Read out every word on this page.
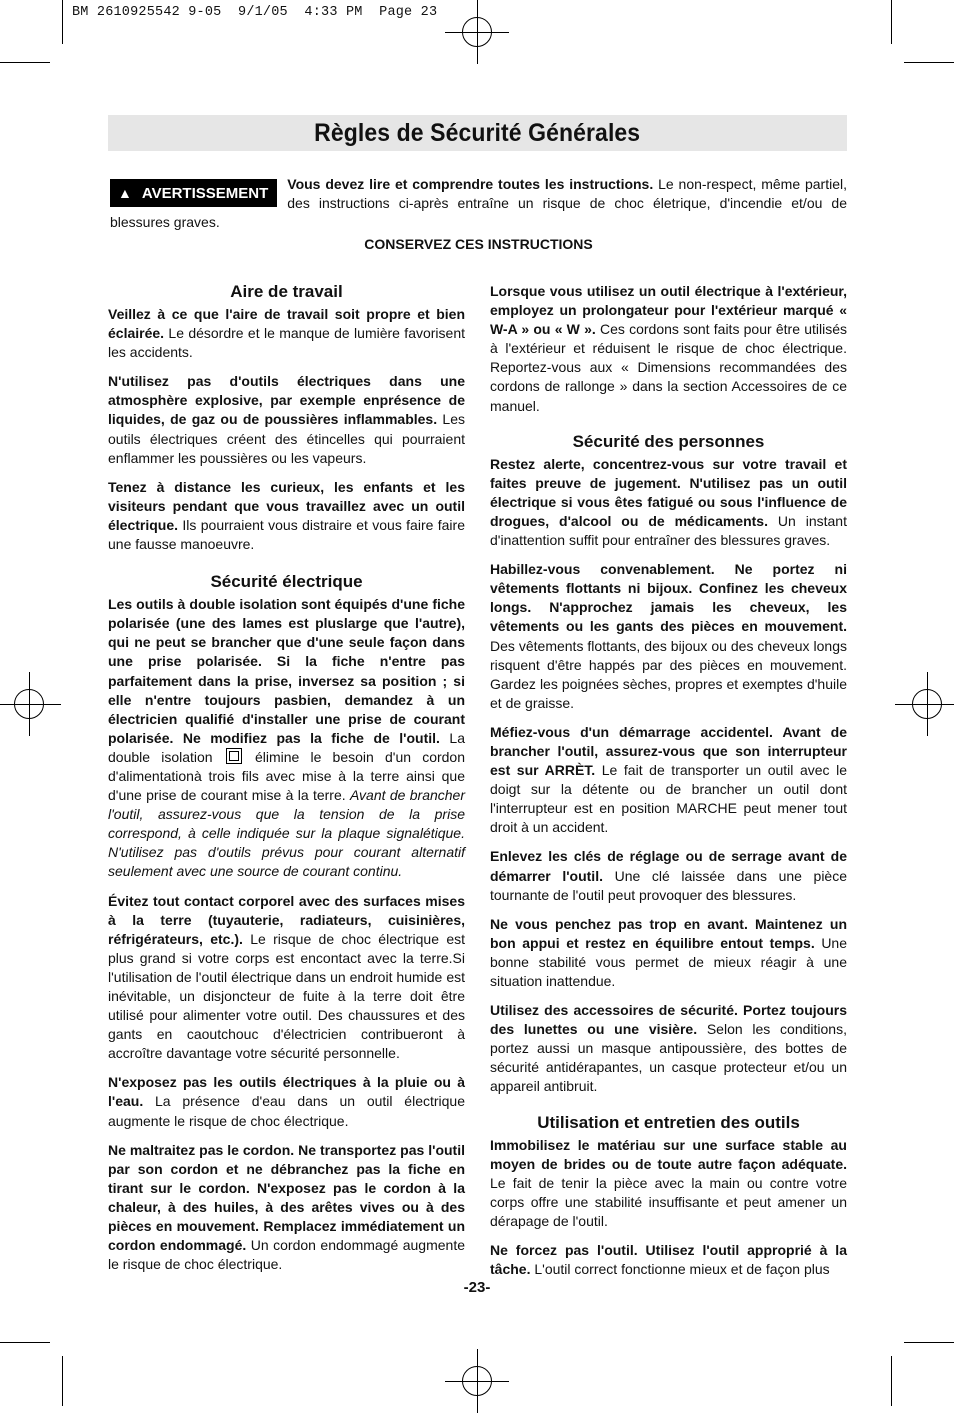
BM 2610925542 9-05  9/1/05  4:33 PM  Page 23
Règles de Sécurité Générales
▲ AVERTISSEMENT
Vous devez lire et comprendre toutes les instructions. Le non-respect, même partiel, des instructions ci-après entraîne un risque de choc életrique, d'incendie et/ou de blessures graves.
CONSERVEZ CES INSTRUCTIONS
Aire de travail

Veillez à ce que l'aire de travail soit propre et bien éclairée. Le désordre et le manque de lumière favorisent les accidents.

N'utilisez pas d'outils électriques dans une atmosphère explosive, par exemple enprésence de liquides, de gaz ou de poussières inflammables. Les outils électriques créent des étincelles qui pourraient enflammer les poussières ou les vapeurs.

Tenez à distance les curieux, les enfants et les visiteurs pendant que vous travaillez avec un outil électrique. Ils pourraient vous distraire et vous faire faire une fausse manoeuvre.

Sécurité électrique

Les outils à double isolation sont équipés d'une fiche polarisée (une des lames est pluslarge que l'autre), qui ne peut se brancher que d'une seule façon dans une prise polarisée. Si la fiche n'entre pas parfaitement dans la prise, inversez sa position ; si elle n'entre toujours pasbien, demandez à un électricien qualifié d'installer une prise de courant polarisée. Ne modifiez pas la fiche de l'outil. La double isolation  élimine le besoin d'un cordon d'alimentationà trois fils avec mise à la terre ainsi que d'une prise de courant mise à la terre. Avant de brancher l'outil, assurez-vous que la tension de la prise correspond, à celle indiquée sur la plaque signalétique. N'utilisez pas d'outils prévus pour courant alternatif seulement avec une source de courant continu.

Évitez tout contact corporel avec des surfaces mises à la terre (tuyauterie, radiateurs, cuisinières, réfrigérateurs, etc.). Le risque de choc électrique est plus grand si votre corps est encontact avec la terre.Si l'utilisation de l'outil électrique dans un endroit humide est inévitable, un disjoncteur de fuite à la terre doit être utilisé pour alimenter votre outil. Des chaussures et des gants en caoutchouc d'électricien contribueront à accroître davantage votre sécurité personnelle.

N'exposez pas les outils électriques à la pluie ou à l'eau. La présence d'eau dans un outil électrique augmente le risque de choc électrique.

Ne maltraitez pas le cordon. Ne transportez pas l'outil par son cordon et ne débranchez pas la fiche en tirant sur le cordon. N'exposez pas le cordon à la chaleur, à des huiles, à des arêtes vives ou à des pièces en mouvement. Remplacez immédiatement un cordon endommagé. Un cordon endommagé augmente le risque de choc électrique.

Lorsque vous utilisez un outil électrique à l'extérieur, employez un prolongateur pour l'extérieur marqué « W-A » ou « W ». Ces cordons sont faits pour être utilisés à l'extérieur et réduisent le risque de choc électrique. Reportez-vous aux « Dimensions recommandées des cordons de rallonge » dans la section Accessoires de ce manuel.

Sécurité des personnes

Restez alerte, concentrez-vous sur votre travail et faites preuve de jugement. N'utilisez pas un outil électrique si vous êtes fatigué ou sous l'influence de drogues, d'alcool ou de médicaments. Un instant d'inattention suffit pour entraîner des blessures graves.

Habillez-vous convenablement. Ne portez ni vêtements flottants ni bijoux. Confinez les cheveux longs. N'approchez jamais les cheveux, les vêtements ou les gants des pièces en mouvement. Des vêtements flottants, des bijoux ou des cheveux longs risquent d'être happés par des pièces en mouvement. Gardez les poignées sèches, propres et exemptes d'huile et de graisse.

Méfiez-vous d'un démarrage accidentel. Avant de brancher l'outil, assurez-vous que son interrupteur est sur ARRÈT. Le fait de transporter un outil avec le doigt sur la détente ou de brancher un outil dont l'interrupteur est en position MARCHE peut mener tout droit à un accident.

Enlevez les clés de réglage ou de serrage avant de démarrer l'outil. Une clé laissée dans une pièce tournante de l'outil peut provoquer des blessures.

Ne vous penchez pas trop en avant. Maintenez un bon appui et restez en équilibre entout temps. Une bonne stabilité vous permet de mieux réagir à une situation inattendue.

Utilisez des accessoires de sécurité. Portez toujours des lunettes ou une visière. Selon les conditions, portez aussi un masque antipoussière, des bottes de sécurité antidérapantes, un casque protecteur et/ou un appareil antibruit.

Utilisation et entretien des outils

Immobilisez le matériau sur une surface stable au moyen de brides ou de toute autre façon adéquate. Le fait de tenir la pièce avec la main ou contre votre corps offre une stabilité insuffisante et peut amener un dérapage de l'outil.

Ne forcez pas l'outil. Utilisez l'outil approprié à la tâche. L'outil correct fonctionne mieux et de façon plus

-23-
